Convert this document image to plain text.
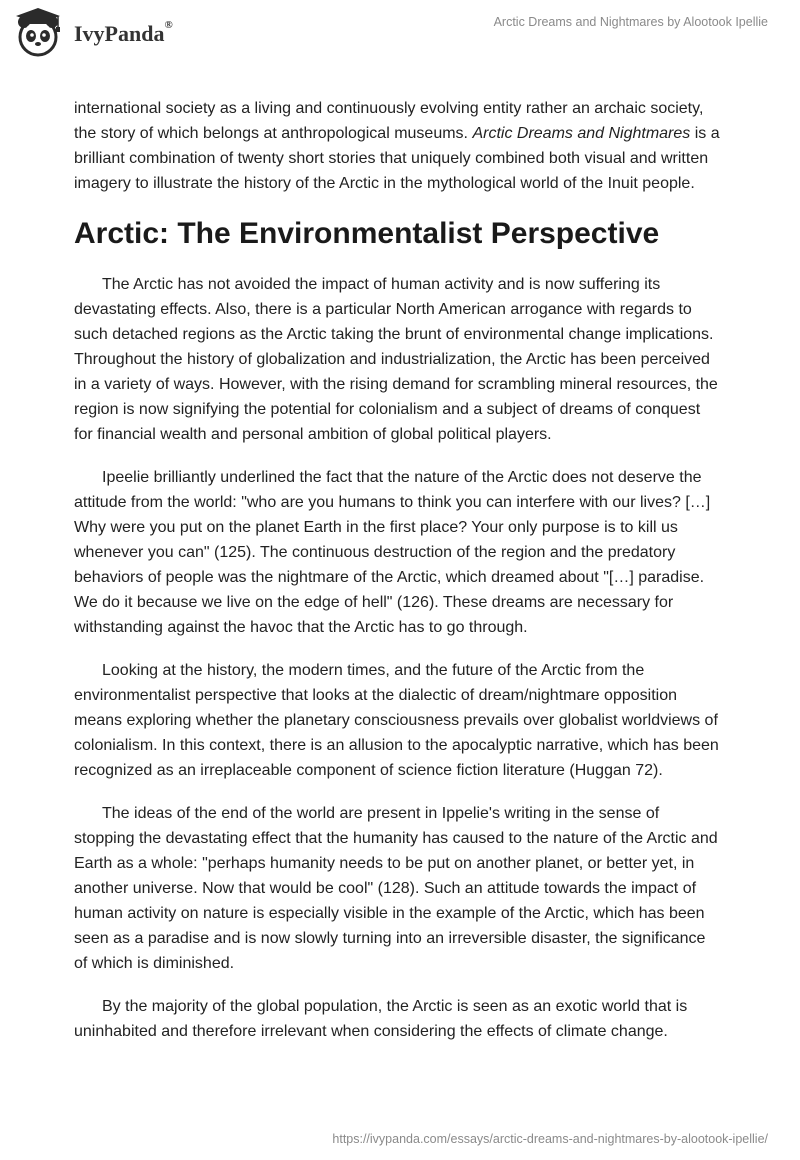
IvyPanda®	Arctic Dreams and Nightmares by Alootook Ipellie

international society as a living and continuously evolving entity rather an archaic society, the story of which belongs at anthropological museums. Arctic Dreams and Nightmares is a brilliant combination of twenty short stories that uniquely combined both visual and written imagery to illustrate the history of the Arctic in the mythological world of the Inuit people.

Arctic: The Environmentalist Perspective

The Arctic has not avoided the impact of human activity and is now suffering its devastating effects. Also, there is a particular North American arrogance with regards to such detached regions as the Arctic taking the brunt of environmental change implications. Throughout the history of globalization and industrialization, the Arctic has been perceived in a variety of ways. However, with the rising demand for scrambling mineral resources, the region is now signifying the potential for colonialism and a subject of dreams of conquest for financial wealth and personal ambition of global political players.

Ipeelie brilliantly underlined the fact that the nature of the Arctic does not deserve the attitude from the world: "who are you humans to think you can interfere with our lives? […] Why were you put on the planet Earth in the first place? Your only purpose is to kill us whenever you can" (125). The continuous destruction of the region and the predatory behaviors of people was the nightmare of the Arctic, which dreamed about "[…] paradise. We do it because we live on the edge of hell" (126). These dreams are necessary for withstanding against the havoc that the Arctic has to go through.

Looking at the history, the modern times, and the future of the Arctic from the environmentalist perspective that looks at the dialectic of dream/nightmare opposition means exploring whether the planetary consciousness prevails over globalist worldviews of colonialism. In this context, there is an allusion to the apocalyptic narrative, which has been recognized as an irreplaceable component of science fiction literature (Huggan 72).

The ideas of the end of the world are present in Ippelie's writing in the sense of stopping the devastating effect that the humanity has caused to the nature of the Arctic and Earth as a whole: "perhaps humanity needs to be put on another planet, or better yet, in another universe. Now that would be cool" (128). Such an attitude towards the impact of human activity on nature is especially visible in the example of the Arctic, which has been seen as a paradise and is now slowly turning into an irreversible disaster, the significance of which is diminished.

By the majority of the global population, the Arctic is seen as an exotic world that is uninhabited and therefore irrelevant when considering the effects of climate change.

https://ivypanda.com/essays/arctic-dreams-and-nightmares-by-alootook-ipellie/
